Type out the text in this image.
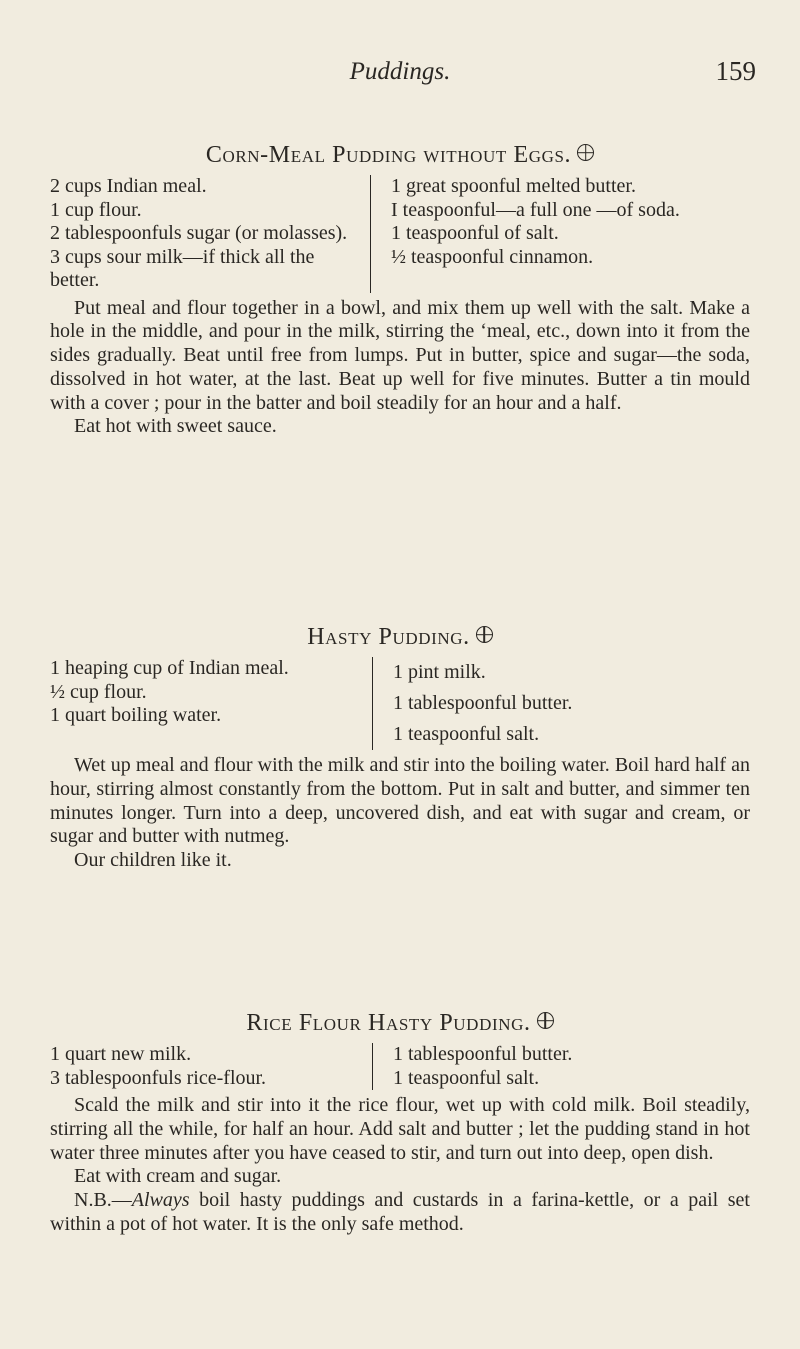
Puddings.	159
Corn-Meal Pudding without Eggs.

2 cups Indian meal.

1 cup flour.

2 tablespoonfuls sugar (or molasses).

3 cups sour milk—if thick all the better.

1 great spoonful melted butter.

I teaspoonful—a full one —of soda.

1 teaspoonful of salt.

½ teaspoonful cinnamon.

Put meal and flour together in a bowl, and mix them up well with the salt. Make a hole in the middle, and pour in the milk, stirring the ‘meal, etc., down into it from the sides gradually. Beat until free from lumps. Put in butter, spice and sugar—the soda, dissolved in hot water, at the last. Beat up well for five minutes. Butter a tin mould with a cover ; pour in the batter and boil steadily for an hour and a half.

Eat hot with sweet sauce.

Hasty Pudding.

1 heaping cup of Indian meal.

½ cup flour.

1 quart boiling water.

1 pint milk.

1 tablespoonful butter.

1 teaspoonful salt.

Wet up meal and flour with the milk and stir into the boiling water. Boil hard half an hour, stirring almost constantly from the bottom. Put in salt and butter, and simmer ten minutes longer. Turn into a deep, uncovered dish, and eat with sugar and cream, or sugar and butter with nutmeg.

Our children like it.

Rice Flour Hasty Pudding.

1 quart new milk.

3 tablespoonfuls rice-flour.

1 tablespoonful butter.

1 teaspoonful salt.

Scald the milk and stir into it the rice flour, wet up with cold milk. Boil steadily, stirring all the while, for half an hour. Add salt and butter ; let the pudding stand in hot water three minutes after you have ceased to stir, and turn out into deep, open dish.

Eat with cream and sugar.

N.B.—Always boil hasty puddings and custards in a farina-kettle, or a pail set within a pot of hot water. It is the only safe method.
